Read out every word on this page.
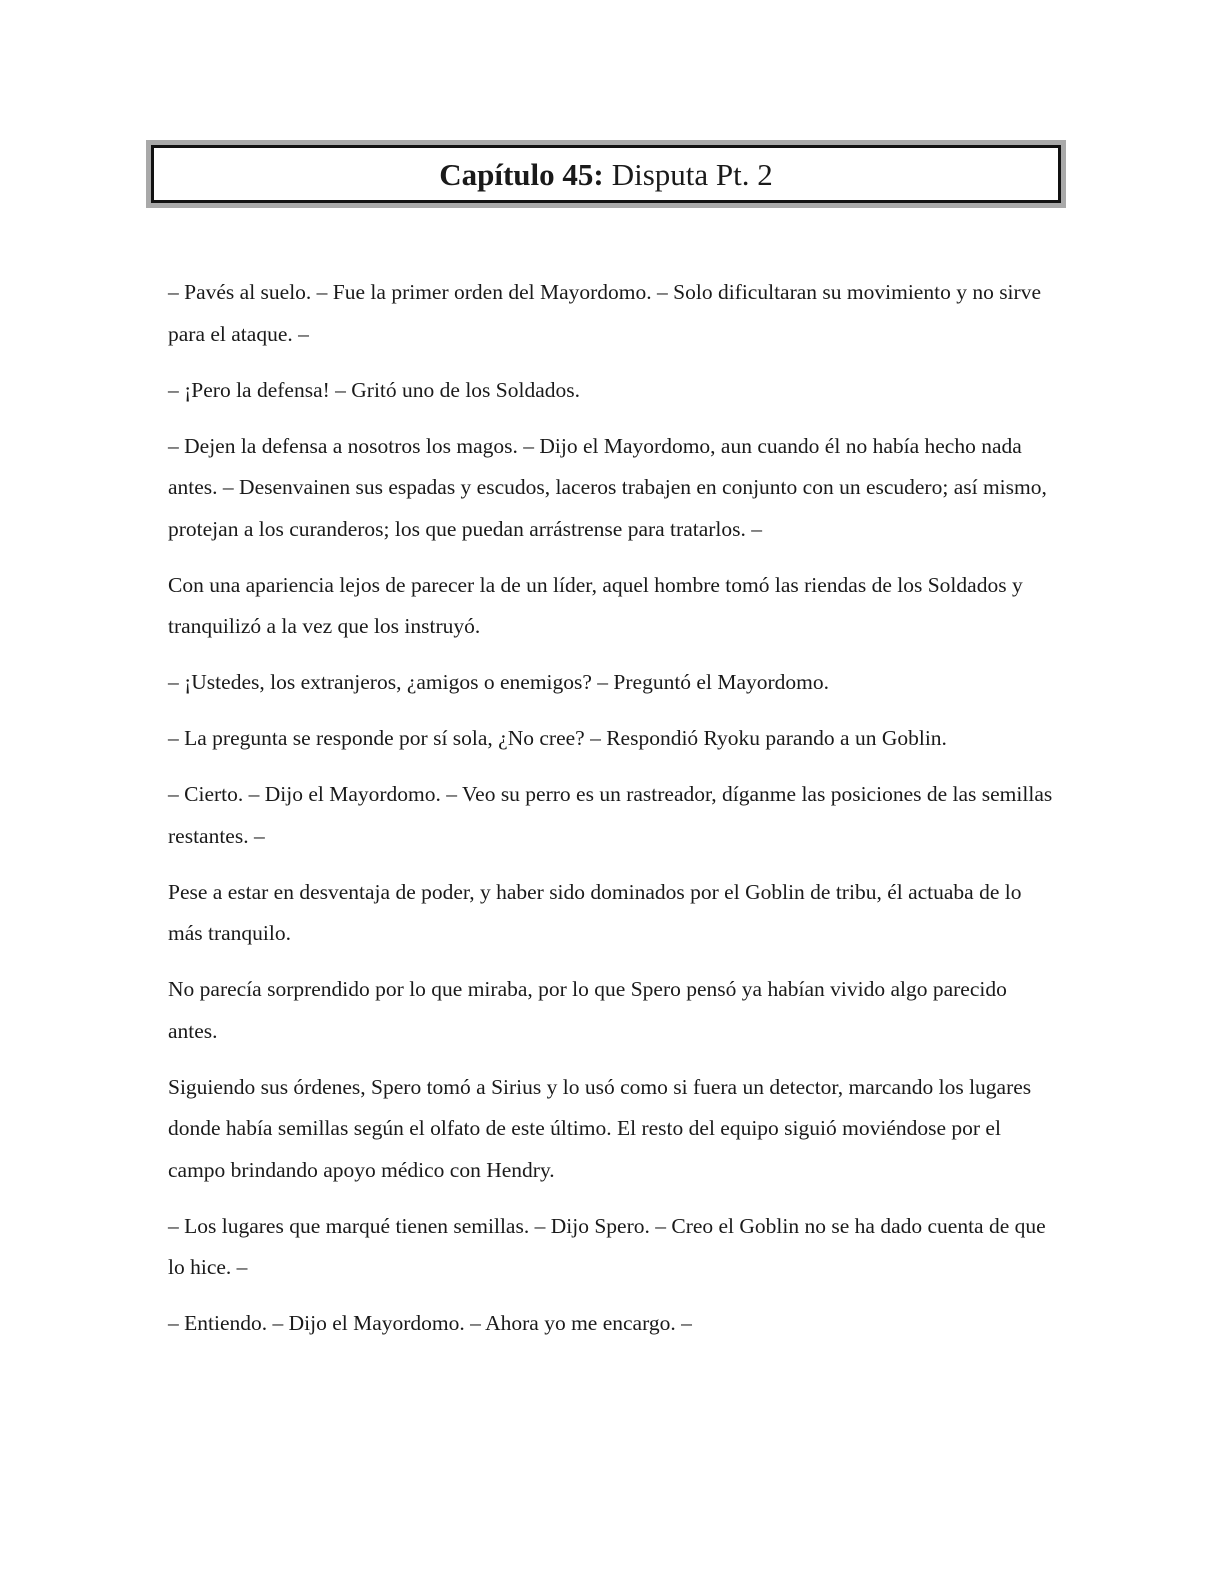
Capítulo 45: Disputa Pt. 2

– Pavés al suelo. – Fue la primer orden del Mayordomo. – Solo dificultaran su movimiento y no sirve para el ataque. –

– ¡Pero la defensa! – Gritó uno de los Soldados.

– Dejen la defensa a nosotros los magos. – Dijo el Mayordomo, aun cuando él no había hecho nada antes. – Desenvainen sus espadas y escudos, laceros trabajen en conjunto con un escudero; así mismo, protejan a los curanderos; los que puedan arrástrense para tratarlos. –

Con una apariencia lejos de parecer la de un líder, aquel hombre tomó las riendas de los Soldados y tranquilizó a la vez que los instruyó.

– ¡Ustedes, los extranjeros, ¿amigos o enemigos? – Preguntó el Mayordomo.

– La pregunta se responde por sí sola, ¿No cree? – Respondió Ryoku parando a un Goblin.

– Cierto. – Dijo el Mayordomo. – Veo su perro es un rastreador, díganme las posiciones de las semillas restantes. –

Pese a estar en desventaja de poder, y haber sido dominados por el Goblin de tribu, él actuaba de lo más tranquilo.

No parecía sorprendido por lo que miraba, por lo que Spero pensó ya habían vivido algo parecido antes.

Siguiendo sus órdenes, Spero tomó a Sirius y lo usó como si fuera un detector, marcando los lugares donde había semillas según el olfato de este último. El resto del equipo siguió moviéndose por el campo brindando apoyo médico con Hendry.

– Los lugares que marqué tienen semillas. – Dijo Spero. – Creo el Goblin no se ha dado cuenta de que lo hice. –

– Entiendo. – Dijo el Mayordomo. – Ahora yo me encargo. –
